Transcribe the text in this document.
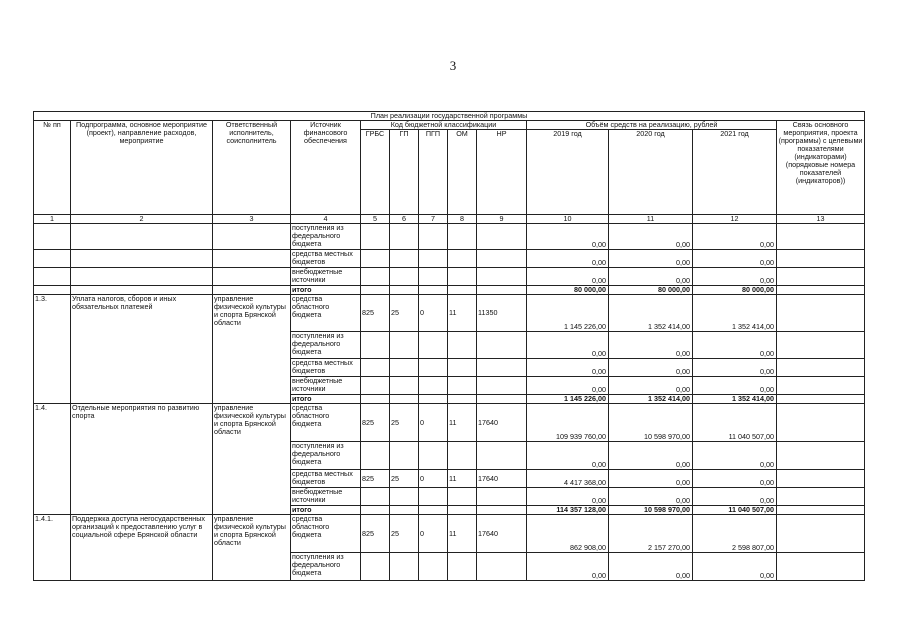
3
План реализации государственной программы												
№ пп	Подпрограмма, основное мероприятие (проект), направление расходов, мероприятие	Ответственный исполнитель, соисполнитель	Источник финансового обеспечения	Код бюджетной классификации					Объём средств на реализацию, рублей			Связь основного мероприятия, проекта (программы) с целевыми показателями (индикаторами) (порядковые номера показателей (индикаторов))
				ГРБС	ГП	ПГП	ОМ	НР	2019 год	2020 год	2021 год	
1	2	3	4	5	6	7	8	9	10	11	12	13
			поступления из федерального бюджета						0,00	0,00	0,00	
			средства местных бюджетов						0,00	0,00	0,00	
			внебюджетные источники						0,00	0,00	0,00	
			итого						80 000,00	80 000,00	80 000,00	
1.3.	Уплата налогов, сборов и иных обязательных платежей	управление физической культуры и спорта Брянской области	средства областного бюджета	825	25	0	11	11350	1 145 226,00	1 352 414,00	1 352 414,00	
			поступления из федерального бюджета						0,00	0,00	0,00	
			средства местных бюджетов						0,00	0,00	0,00	
			внебюджетные источники						0,00	0,00	0,00	
			итого						1 145 226,00	1 352 414,00	1 352 414,00	
1.4.	Отдельные мероприятия по развитию спорта	управление физической культуры и спорта Брянской области	средства областного бюджета	825	25	0	11	17640	109 939 760,00	10 598 970,00	11 040 507,00	
			поступления из федерального бюджета						0,00	0,00	0,00	
			средства местных бюджетов	825	25	0	11	17640	4 417 368,00	0,00	0,00	
			внебюджетные источники						0,00	0,00	0,00	
			итого						114 357 128,00	10 598 970,00	11 040 507,00	
1.4.1.	Поддержка доступа негосударственных организаций к предоставлению услуг в социальной сфере Брянской области	управление физической культуры и спорта Брянской области	средства областного бюджета	825	25	0	11	17640	862 908,00	2 157 270,00	2 598 807,00	
			поступления из федерального бюджета						0,00	0,00	0,00	
